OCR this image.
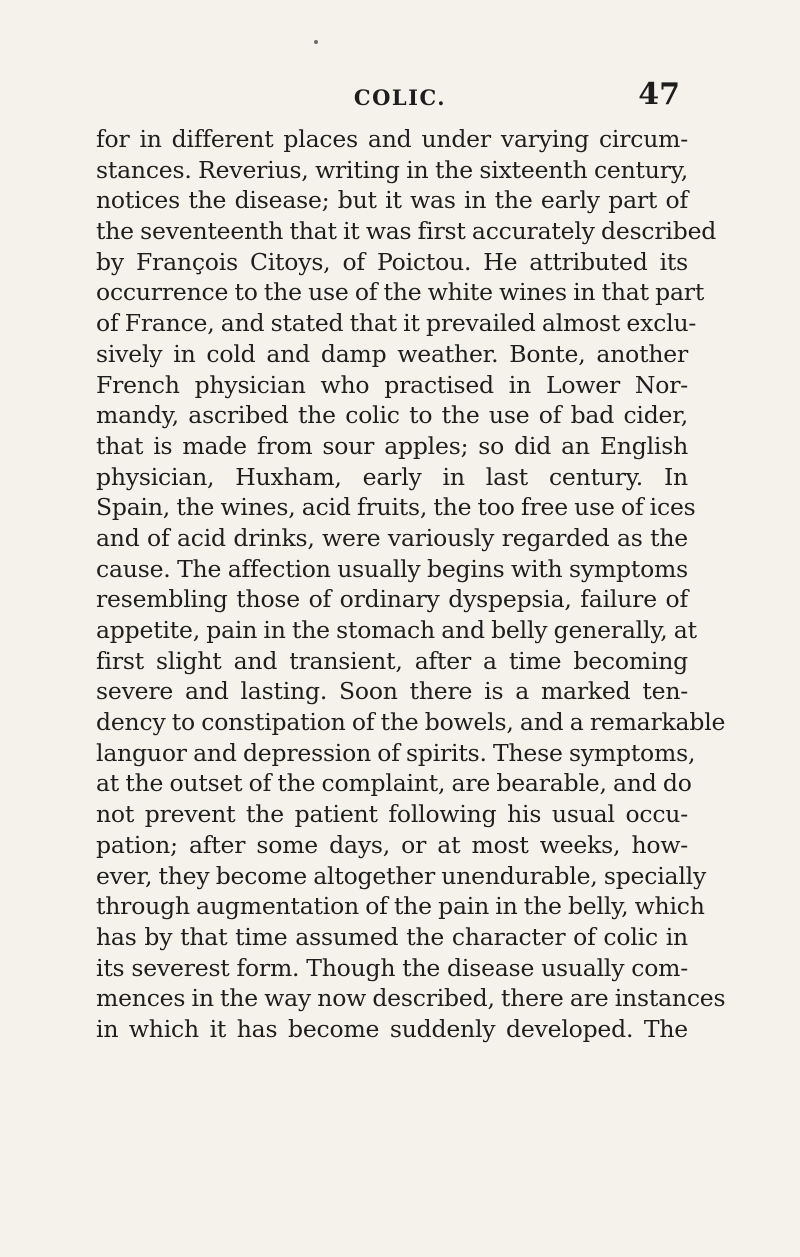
COLIC.	47
for in different places and under varying circum-
stances. Reverius, writing in the sixteenth century,
notices the disease; but it was in the early part of
the seventeenth that it was first accurately described
by François Citoys, of Poictou. He attributed its
occurrence to the use of the white wines in that part
of France, and stated that it prevailed almost exclu-
sively in cold and damp weather. Bonte, another
French physician who practised in Lower Nor-
mandy, ascribed the colic to the use of bad cider,
that is made from sour apples; so did an English
physician, Huxham, early in last century. In
Spain, the wines, acid fruits, the too free use of ices
and of acid drinks, were variously regarded as the
cause. The affection usually begins with symptoms
resembling those of ordinary dyspepsia, failure of
appetite, pain in the stomach and belly generally, at
first slight and transient, after a time becoming
severe and lasting. Soon there is a marked ten-
dency to constipation of the bowels, and a remarkable
languor and depression of spirits. These symptoms,
at the outset of the complaint, are bearable, and do
not prevent the patient following his usual occu-
pation; after some days, or at most weeks, how-
ever, they become altogether unendurable, specially
through augmentation of the pain in the belly, which
has by that time assumed the character of colic in
its severest form. Though the disease usually com-
mences in the way now described, there are instances
in which it has become suddenly developed. The
